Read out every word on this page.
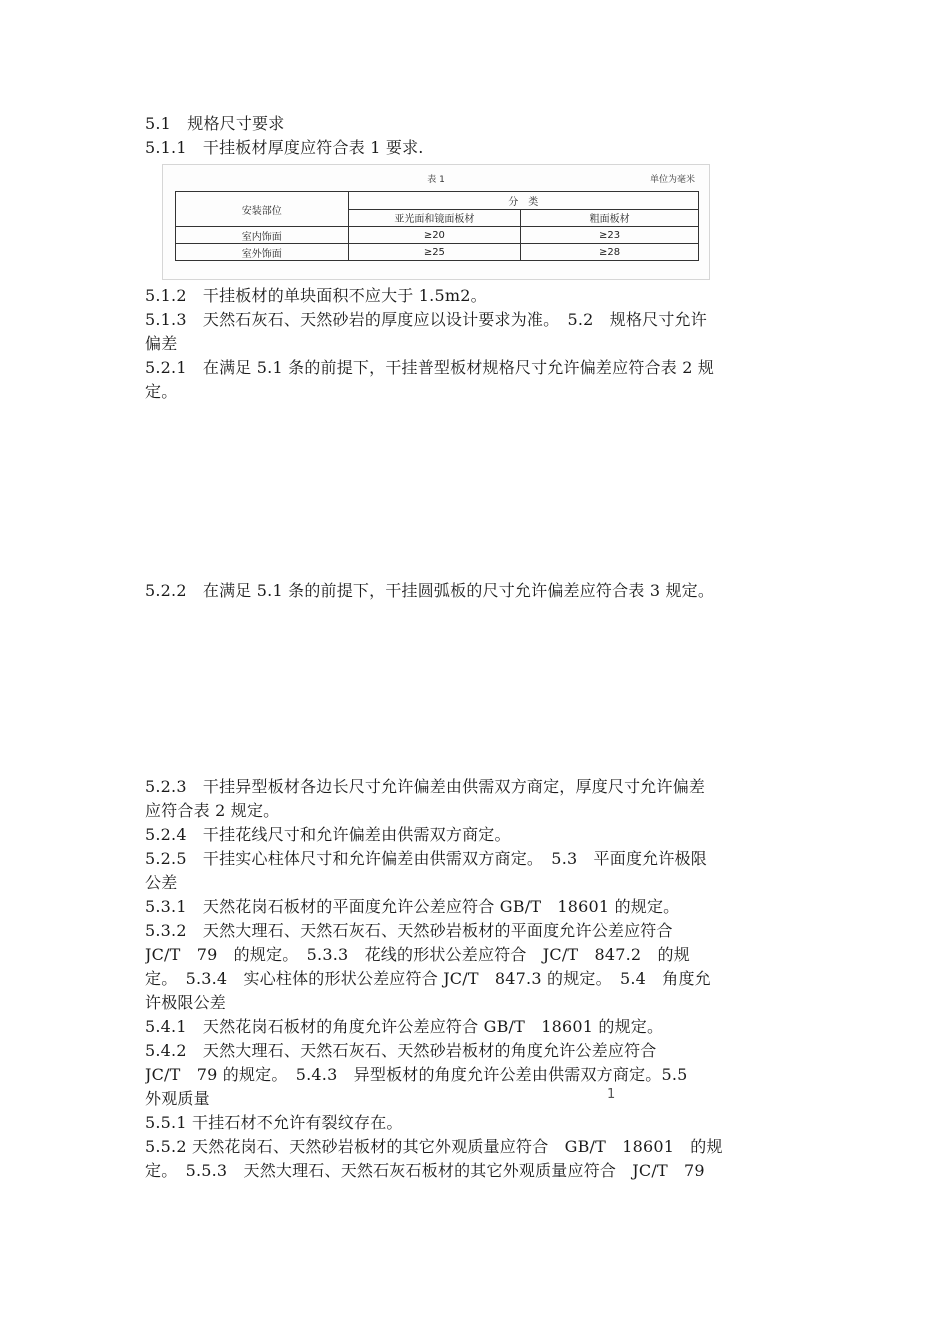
5.1　规格尺寸要求
5.1.1　干挂板材厚度应符合表 1 要求.
表 1	单位为毫米
安装部位	分　类	
	亚光面和镜面板材	粗面板材
室内饰面	≥20	≥23
室外饰面	≥25	≥28
5.1.2　干挂板材的单块面积不应大于 1.5m2。
5.1.3　天然石灰石、天然砂岩的厚度应以设计要求为准。　5.2　规格尺寸允许
偏差
5.2.1　在满足 5.1 条的前提下，干挂普型板材规格尺寸允许偏差应符合表 2 规
定。
5.2.2　在满足 5.1 条的前提下，干挂圆弧板的尺寸允许偏差应符合表 3 规定。
5.2.3　干挂异型板材各边长尺寸允许偏差由供需双方商定，厚度尺寸允许偏差
应符合表 2 规定。
5.2.4　干挂花线尺寸和允许偏差由供需双方商定。
5.2.5　干挂实心柱体尺寸和允许偏差由供需双方商定。　5.3　平面度允许极限
公差
5.3.1　天然花岗石板材的平面度允许公差应符合 GB/T　18601 的规定。
5.3.2　天然大理石、天然石灰石、天然砂岩板材的平面度允许公差应符合
JC/T　79　的规定。　5.3.3　花线的形状公差应符合　JC/T　847.2　的规
定。　5.3.4　实心柱体的形状公差应符合 JC/T　847.3 的规定。　5.4　角度允
许极限公差
5.4.1　天然花岗石板材的角度允许公差应符合 GB/T　18601 的规定。
5.4.2　天然大理石、天然石灰石、天然砂岩板材的角度允许公差应符合
JC/T　79 的规定。　5.4.3　异型板材的角度允许公差由供需双方商定。5.5
外观质量
5.5.1 干挂石材不允许有裂纹存在。
5.5.2 天然花岗石、天然砂岩板材的其它外观质量应符合　GB/T　18601　的规
定。　5.5.3　天然大理石、天然石灰石板材的其它外观质量应符合　JC/T　79
1
